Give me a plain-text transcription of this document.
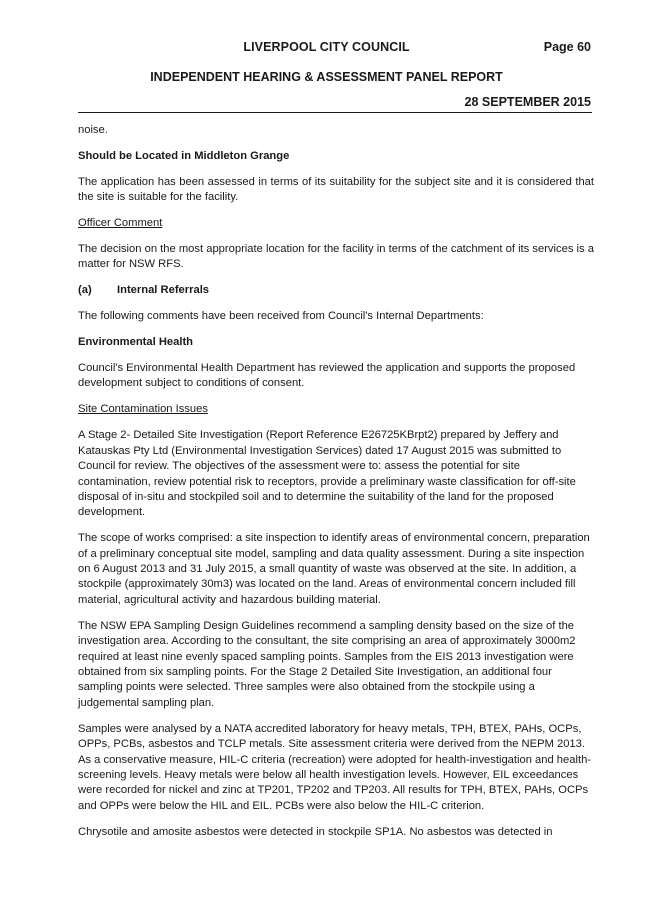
LIVERPOOL CITY COUNCIL	Page 60
INDEPENDENT HEARING & ASSESSMENT PANEL REPORT
28 SEPTEMBER 2015

noise.

Should be Located in Middleton Grange

The application has been assessed in terms of its suitability for the subject site and it is considered that the site is suitable for the facility.

Officer Comment

The decision on the most appropriate location for the facility in terms of the catchment of its services is a matter for NSW RFS.

(a)	Internal Referrals

The following comments have been received from Council's Internal Departments:

Environmental Health

Council's Environmental Health Department has reviewed the application and supports the proposed development subject to conditions of consent.

Site Contamination Issues

A Stage 2- Detailed Site Investigation (Report Reference E26725KBrpt2) prepared by Jeffery and Katauskas Pty Ltd (Environmental Investigation Services) dated 17 August 2015 was submitted to Council for review. The objectives of the assessment were to: assess the potential for site contamination, review potential risk to receptors, provide a preliminary waste classification for off-site disposal of in-situ and stockpiled soil and to determine the suitability of the land for the proposed development.

The scope of works comprised: a site inspection to identify areas of environmental concern, preparation of a preliminary conceptual site model, sampling and data quality assessment. During a site inspection on 6 August 2013 and 31 July 2015, a small quantity of waste was observed at the site. In addition, a stockpile (approximately 30m3) was located on the land. Areas of environmental concern included fill material, agricultural activity and hazardous building material.

The NSW EPA Sampling Design Guidelines recommend a sampling density based on the size of the investigation area. According to the consultant, the site comprising an area of approximately 3000m2 required at least nine evenly spaced sampling points. Samples from the EIS 2013 investigation were obtained from six sampling points. For the Stage 2 Detailed Site Investigation, an additional four sampling points were selected. Three samples were also obtained from the stockpile using a judgemental sampling plan.

Samples were analysed by a NATA accredited laboratory for heavy metals, TPH, BTEX, PAHs, OCPs, OPPs, PCBs, asbestos and TCLP metals. Site assessment criteria were derived from the NEPM 2013. As a conservative measure, HIL-C criteria (recreation) were adopted for health-investigation and health-screening levels. Heavy metals were below all health investigation levels. However, EIL exceedances were recorded for nickel and zinc at TP201, TP202 and TP203. All results for TPH, BTEX, PAHs, OCPs and OPPs were below the HIL and EIL. PCBs were also below the HIL-C criterion.

Chrysotile and amosite asbestos were detected in stockpile SP1A. No asbestos was detected in
